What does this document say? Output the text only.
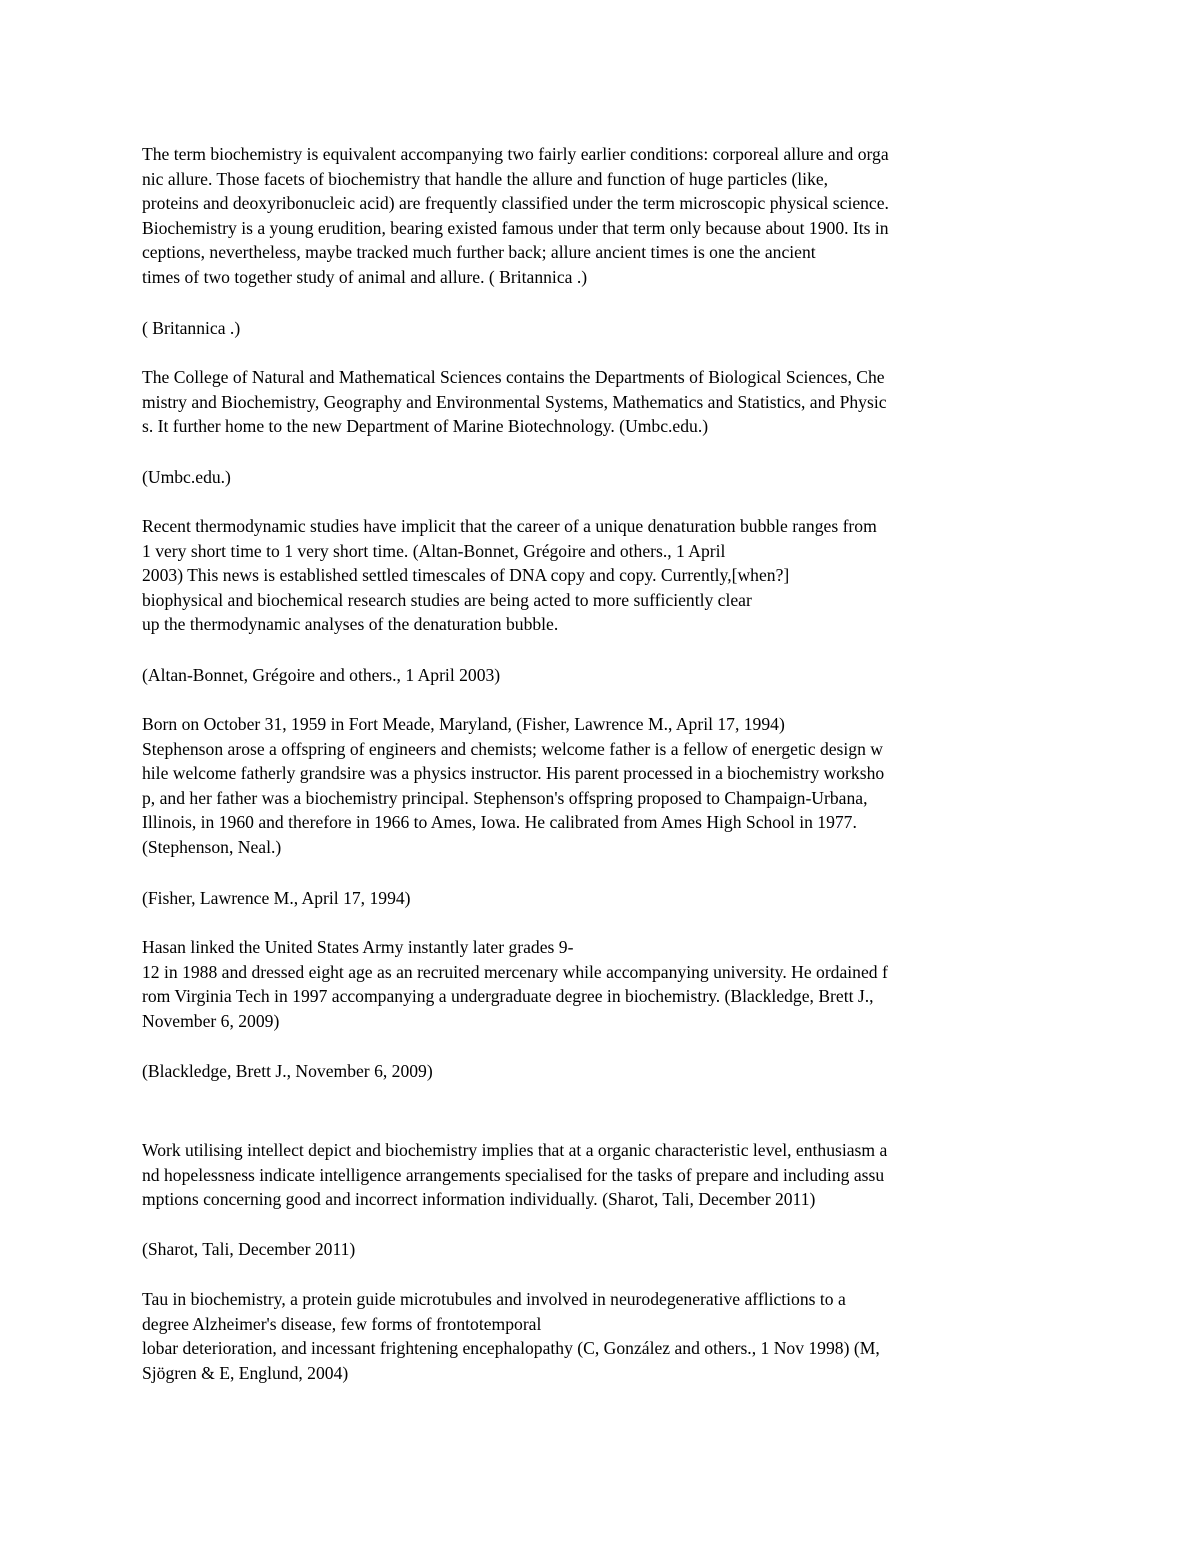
The term biochemistry is equivalent accompanying two fairly earlier conditions: corporeal allure and orga
nic allure. Those facets of biochemistry that handle the allure and function of huge particles (like,
proteins and deoxyribonucleic acid) are frequently classified under the term microscopic physical science.
Biochemistry is a young erudition, bearing existed famous under that term only because about 1900. Its in
ceptions, nevertheless, maybe tracked much further back; allure ancient times is one the ancient
times of two together study of animal and allure. ( Britannica .)
( Britannica .)
The College of Natural and Mathematical Sciences contains the Departments of Biological Sciences, Che
mistry and Biochemistry, Geography and Environmental Systems, Mathematics and Statistics, and Physic
s. It further home to the new Department of Marine Biotechnology. (Umbc.edu.)
(Umbc.edu.)
Recent thermodynamic studies have implicit that the career of a unique denaturation bubble ranges from
1 very short time to 1 very short time. (Altan-Bonnet, Grégoire and others., 1 April
2003) This news is established settled timescales of DNA copy and copy. Currently,[when?]
biophysical and biochemical research studies are being acted to more sufficiently clear
up the thermodynamic analyses of the denaturation bubble.
(Altan-Bonnet, Grégoire and others., 1 April 2003)
Born on October 31, 1959 in Fort Meade, Maryland, (Fisher, Lawrence M., April 17, 1994)
Stephenson arose a offspring of engineers and chemists; welcome father is a fellow of energetic design w
hile welcome fatherly grandsire was a physics instructor. His parent processed in a biochemistry worksho
p, and her father was a biochemistry principal. Stephenson's offspring proposed to Champaign-Urbana,
Illinois, in 1960 and therefore in 1966 to Ames, Iowa. He calibrated from Ames High School in 1977.
(Stephenson, Neal.)
(Fisher, Lawrence M., April 17, 1994)
Hasan linked the United States Army instantly later grades 9-
12 in 1988 and dressed eight age as an recruited mercenary while accompanying university. He ordained f
rom Virginia Tech in 1997 accompanying a undergraduate degree in biochemistry. (Blackledge, Brett J.,
November 6, 2009)
(Blackledge, Brett J., November 6, 2009)
Work utilising intellect depict and biochemistry implies that at a organic characteristic level, enthusiasm a
nd hopelessness indicate intelligence arrangements specialised for the tasks of prepare and including assu
mptions concerning good and incorrect information individually. (Sharot, Tali, December 2011)
(Sharot, Tali, December 2011)
Tau in biochemistry, a protein guide microtubules and involved in neurodegenerative afflictions to a
degree Alzheimer's disease, few forms of frontotemporal
lobar deterioration, and incessant frightening encephalopathy (C, González and others., 1 Nov 1998) (M,
Sjögren & E, Englund, 2004)
